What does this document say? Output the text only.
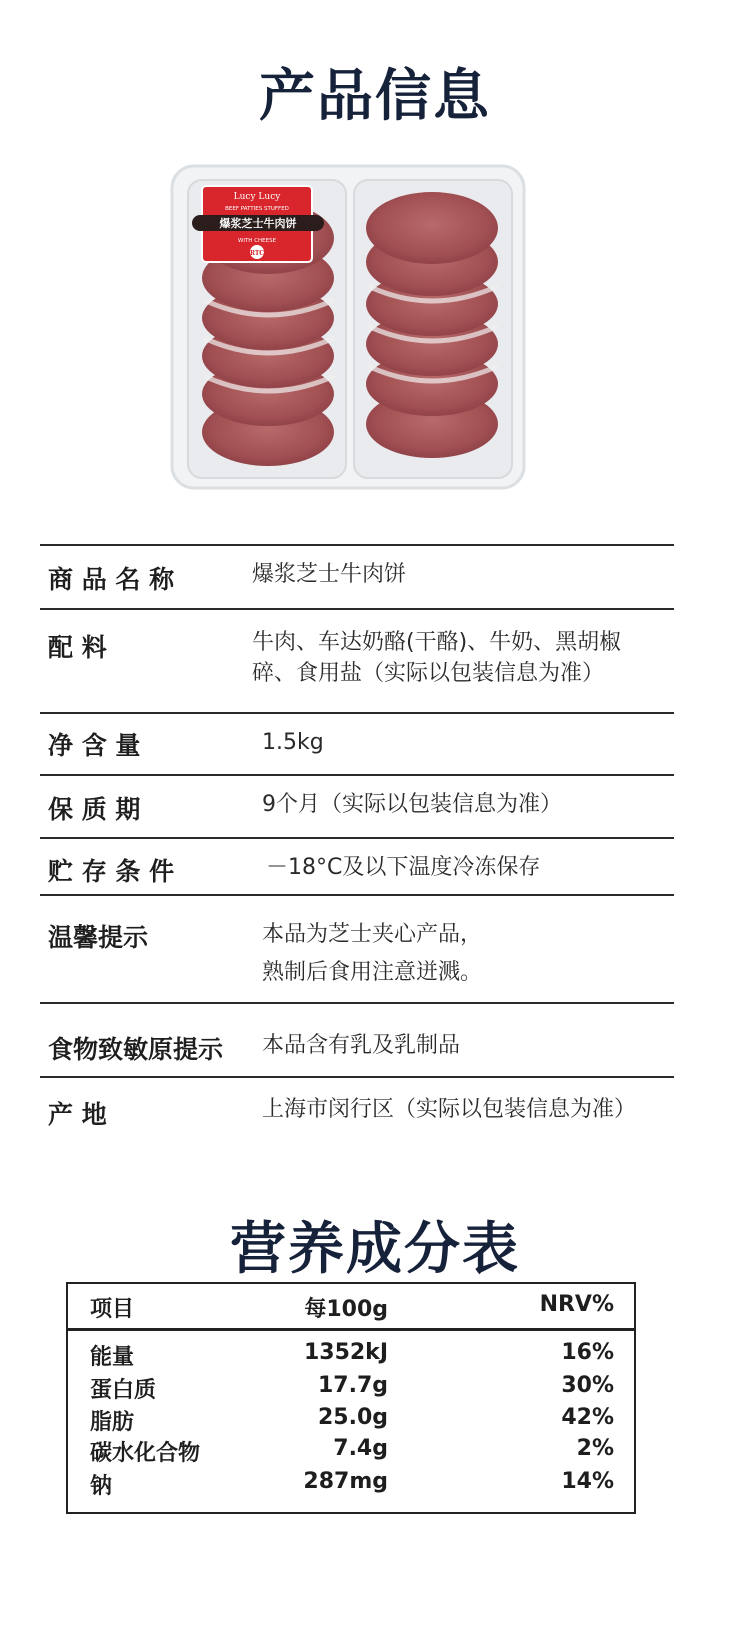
产品信息
Lucy Lucy
BEEF PATTIES STUFFED
爆浆芝士牛肉饼
WITH CHEESE
RTC
商 品 名 称	爆浆芝士牛肉饼
配 料	牛肉、车达奶酪(干酪)、牛奶、黑胡椒
碎、食用盐（实际以包装信息为准）
净 含 量	1.5kg
保 质 期	9个月（实际以包装信息为准）
贮 存 条 件	－18°C及以下温度冷冻保存
温馨提示	本品为芝士夹心产品，
熟制后食用注意迸溅。
食物致敏原提示 本品含有乳及乳制品
产 地	上海市闵行区（实际以包装信息为准）
营养成分表
项目	每100g	NRV%
能量	1352kJ	16%
蛋白质	17.7g	30%
脂肪	25.0g	42%
碳水化合物	7.4g	2%
钠	287mg	14%
